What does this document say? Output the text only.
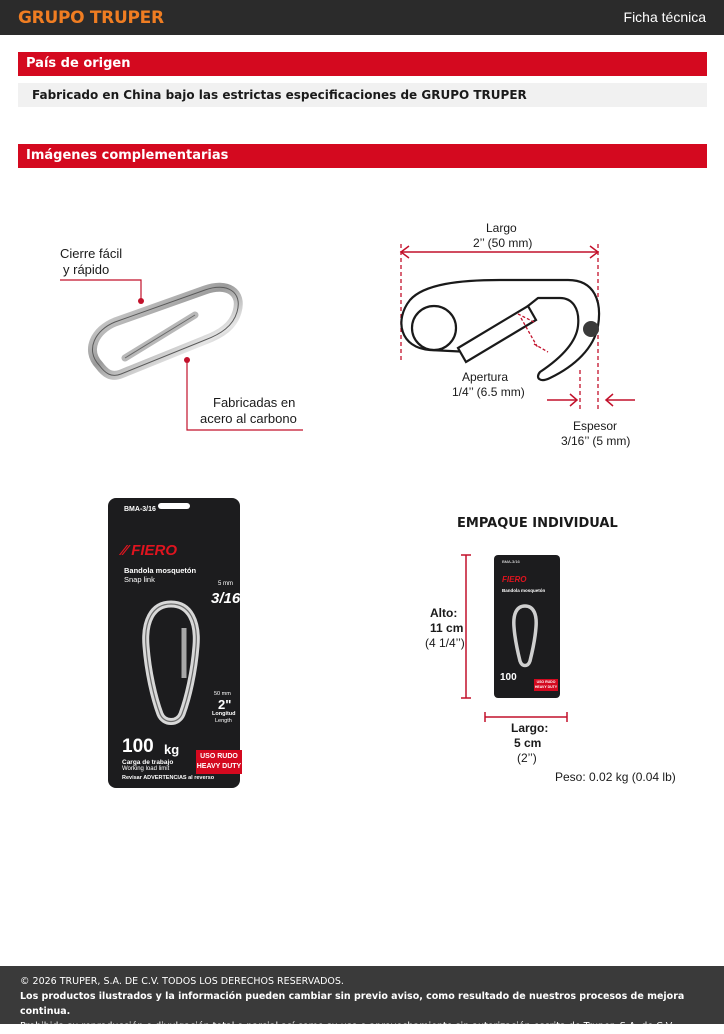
GRUPO TRUPER	Ficha técnica
País de origen
Fabricado en China bajo las estrictas especificaciones de GRUPO TRUPER
Imágenes complementarias
Cierre fácil
y rápido
Fabricadas en
acero al carbono
Largo
2’’ (50 mm)
Apertura
1/4’’ (6.5 mm)
Espesor
3/16’’ (5 mm)
BMA-3/16
⁄⁄ FIERO
Bandola mosquetón
Snap link	5 mm
3/16
50 mm
2"
Longitud
Length
100 kg
Carga de trabajo
Working load limit
Revisar ADVERTENCIAS al reverso
USO RUDO
HEAVY DUTY
EMPAQUE INDIVIDUAL
BMA-3/16
FIERO
Bandola mosquetón
100	USO RUDO
HEAVY DUTY
Alto:
11 cm
(4 1/4’’)
Largo:
5 cm
(2’’)
Peso: 0.02 kg (0.04 lb)
© 2026 TRUPER, S.A. DE C.V. TODOS LOS DERECHOS RESERVADOS.
Los productos ilustrados y la información pueden cambiar sin previo aviso, como resultado de nuestros procesos de mejora continua.
Prohibida su reproducción o divulgación total o parcial así como su uso o aprovechamiento sin autorización escrita de Truper, S.A. de C.V.
